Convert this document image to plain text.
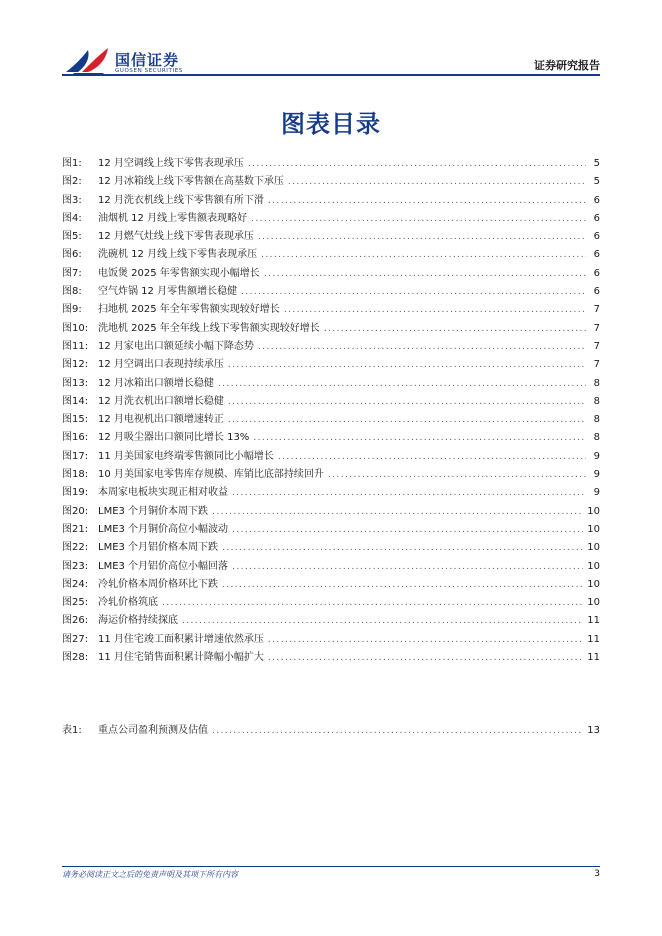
国信证券
GUOSEN SECURITIES	证券研究报告
图表目录
图1:	12 月空调线上线下零售表现承压 .....	5
图2:	12 月冰箱线上线下零售额在高基数下承压 .....	5
图3:	12 月洗衣机线上线下零售额有所下滑 .....	6
图4:	油烟机 12 月线上零售额表现略好 .....	6
图5:	12 月燃气灶线上线下零售表现承压 .....	6
图6:	洗碗机 12 月线上线下零售表现承压 .....	6
图7:	电饭煲 2025 年零售额实现小幅增长 .....	6
图8:	空气炸锅 12 月零售额增长稳健 .....	6
图9:	扫地机 2025 年全年零售额实现较好增长 .....	7
图10: 洗地机 2025 年全年线上线下零售额实现较好增长 .....	7
图11: 12 月家电出口额延续小幅下降态势 .....	7
图12: 12 月空调出口表现持续承压 .....	7
图13: 12 月冰箱出口额增长稳健 .....	8
图14: 12 月洗衣机出口额增长稳健 .....	8
图15: 12 月电视机出口额增速转正 .....	8
图16: 12 月吸尘器出口额同比增长 13% .....	8
图17: 11 月美国家电终端零售额同比小幅增长 .....	9
图18: 10 月美国家电零售库存规模、库销比底部持续回升 .....	9
图19: 本周家电板块实现正相对收益 .....	9
图20: LME3 个月铜价本周下跌 .....	10
图21: LME3 个月铜价高位小幅波动 .....	10
图22: LME3 个月铝价格本周下跌 .....	10
图23: LME3 个月铝价高位小幅回落 .....	10
图24: 冷轧价格本周价格环比下跌 .....	10
图25: 冷轧价格筑底 .....	10
图26: 海运价格持续探底 .....	11
图27: 11 月住宅竣工面积累计增速依然承压 .....	11
图28: 11 月住宅销售面积累计降幅小幅扩大 .....	11
表1:	重点公司盈利预测及估值 .....	13
请务必阅读正文之后的免责声明及其项下所有内容	3
